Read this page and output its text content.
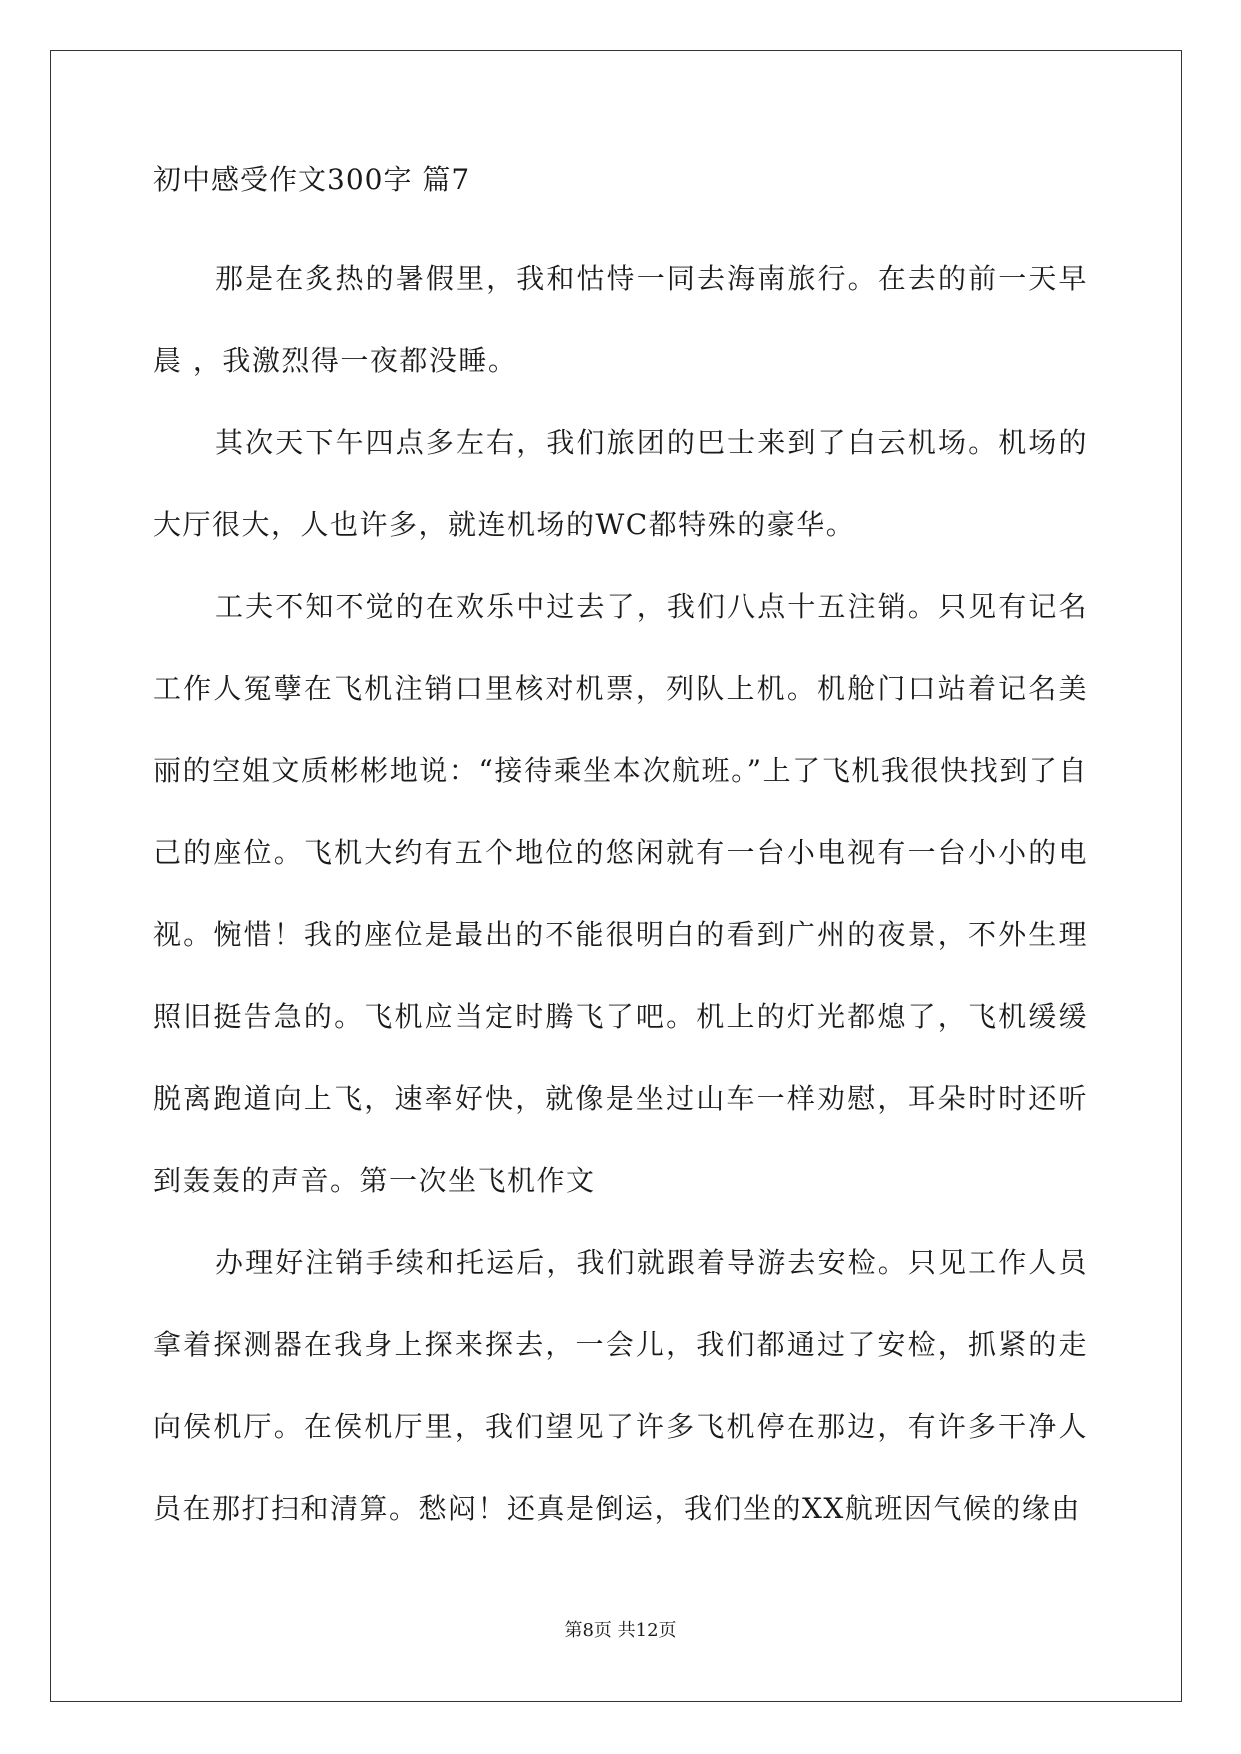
初中感受作文300字 篇7

那是在炙热的暑假里，我和怙恃一同去海南旅行。在去的前一天早晨 ，我激烈得一夜都没睡。

其次天下午四点多左右，我们旅团的巴士来到了白云机场。机场的大厅很大，人也许多，就连机场的WC都特殊的豪华。

工夫不知不觉的在欢乐中过去了，我们八点十五注销。只见有记名工作人冤孽在飞机注销口里核对机票，列队上机。机舱门口站着记名美丽的空姐文质彬彬地说：“接待乘坐本次航班。”上了飞机我很快找到了自己的座位。飞机大约有五个地位的悠闲就有一台小电视有一台小小的电视。惋惜！我的座位是最出的不能很明白的看到广州的夜景，不外生理照旧挺告急的。飞机应当定时腾飞了吧。机上的灯光都熄了，飞机缓缓脱离跑道向上飞，速率好快，就像是坐过山车一样劝慰，耳朵时时还听到轰轰的声音。第一次坐飞机作文

办理好注销手续和托运后，我们就跟着导游去安检。只见工作人员拿着探测器在我身上探来探去，一会儿，我们都通过了安检，抓紧的走向侯机厅。在侯机厅里，我们望见了许多飞机停在那边，有许多干净人员在那打扫和清算。愁闷！还真是倒运，我们坐的XX航班因气候的缘由

第8页 共12页
